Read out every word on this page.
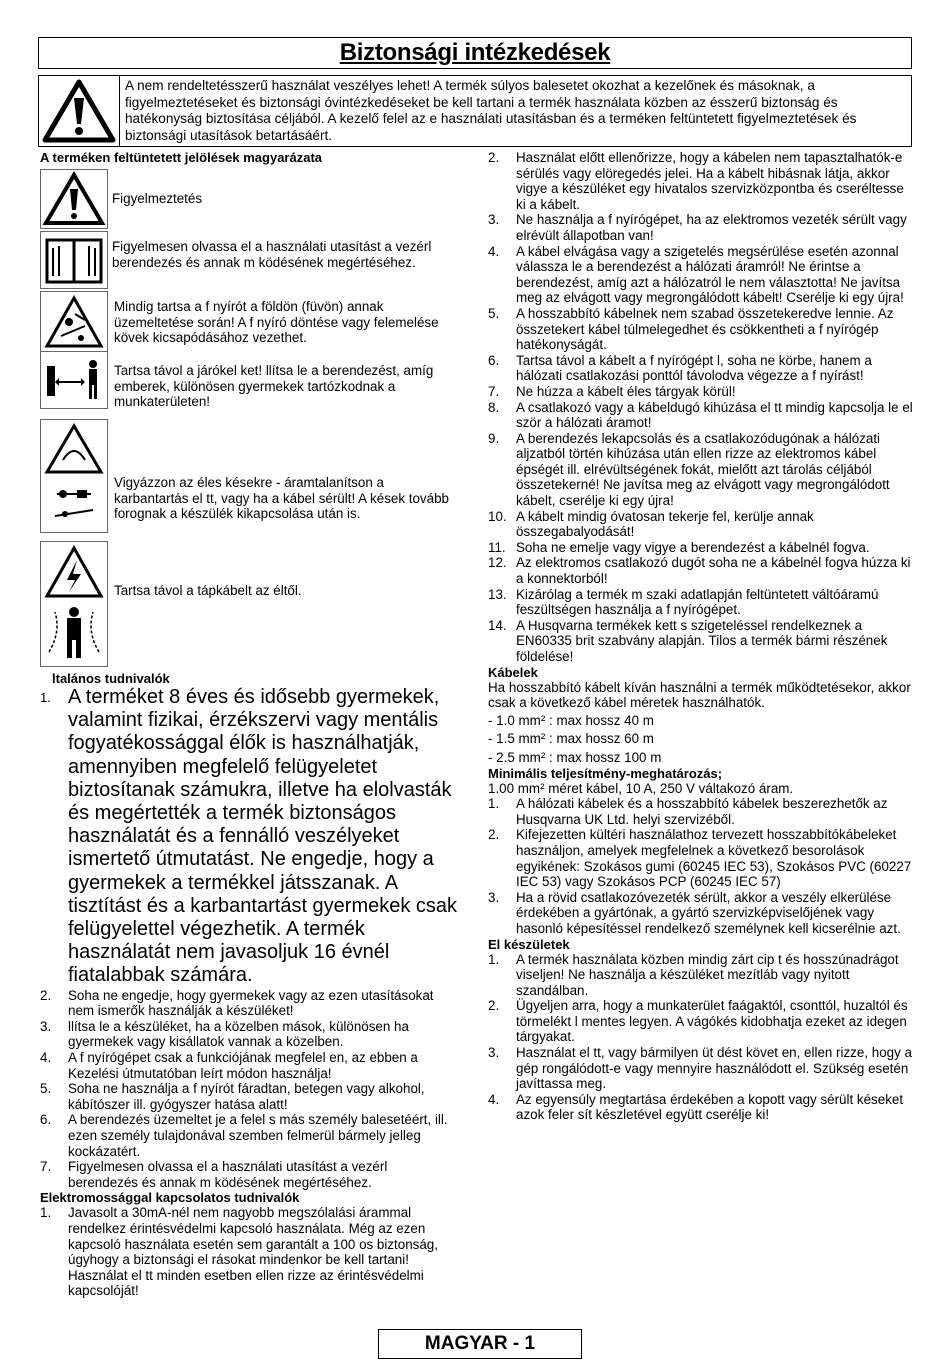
Biztonsági intézkedések
A nem rendeltetésszerű használat veszélyes lehet! A termék súlyos balesetet okozhat a kezelőnek és másoknak, a figyelmeztetéseket és biztonsági óvintézkedéseket be kell tartani a termék használata közben az ésszerű biztonság és hatékonyság biztosítása céljából. A kezelő felel az e használati utasításban és a terméken feltüntetett figyelmeztetések és biztonsági utasítások betartásáért.
A terméken feltüntetett jelölések magyarázata
Figyelmeztetés
Figyelmesen olvassa el a használati utasítást a vezérl berendezés és annak m ködésének megértéséhez.
Mindig tartsa a f nyírót a földön (füvön) annak üzemeltetése során! A f nyíró döntése vagy felemelése kövek kicsapódásához vezethet.
Tartsa távol a járókel ket! llítsa le a berendezést, amíg emberek, különösen gyermekek tartózkodnak a munkaterületen!
Vigyázzon az éles késekre - áramtalanítson a karbantartás el tt, vagy ha a kábel sérült! A kések tovább forognak a készülék kikapcsolása után is.
Tartsa távol a tápkábelt az éltől.
ltalános tudnivalók
1. A terméket 8 éves és idősebb gyermekek, valamint fizikai, érzékszervi vagy mentális fogyatékossággal élők is használhatják, amennyiben megfelelő felügyeletet biztosítanak számukra, illetve ha elolvasták és megértették a termék biztonságos használatát és a fennálló veszélyeket ismertető útmutatást. Ne engedje, hogy a gyermekek a termékkel játsszanak. A tisztítást és a karbantartást gyermekek csak felügyelettel végezhetik. A termék használatát nem javasoljuk 16 évnél fiatalabbak számára.
2. Soha ne engedje, hogy gyermekek vagy az ezen utasításokat nem ismerők használják a készüléket!
3. llítsa le a készüléket, ha a közelben mások, különösen ha gyermekek vagy kisállatok vannak a közelben.
4. A f nyírógépet csak a funkciójának megfelel en, az ebben a Kezelési útmutatóban leírt módon használja!
5. Soha ne használja a f nyírót fáradtan, betegen vagy alkohol, kábítószer ill. gyógyszer hatása alatt!
6. A berendezés üzemeltet je a felel s más személy balesetéért, ill. ezen személy tulajdonával szemben felmerül bármely jelleg kockázatért.
7. Figyelmesen olvassa el a használati utasítást a vezérl berendezés és annak m ködésének megértéséhez.
Elektromossággal kapcsolatos tudnivalók
1. Javasolt a 30mA-nél nem nagyobb megszólalási árammal rendelkez érintésvédelmi kapcsoló használata. Még az ezen kapcsoló használata esetén sem garantált a 100 os biztonság, úgyhogy a biztonsági el rásokat mindenkor be kell tartani! Használat el tt minden esetben ellen rizze az érintésvédelmi kapcsolóját!
2. Használat előtt ellenőrizze, hogy a kábelen nem tapasztalhatók-e sérülés vagy elöregedés jelei. Ha a kábelt hibásnak látja, akkor vigye a készüléket egy hivatalos szervizközpontba és cseréltesse ki a kábelt.
3. Ne használja a f nyírógépet, ha az elektromos vezeték sérült vagy elrévült állapotban van!
4. A kábel elvágása vagy a szigetelés megsérülése esetén azonnal válassza le a berendezést a hálózati áramról! Ne érintse a berendezést, amíg azt a hálózatról le nem választotta! Ne javítsa meg az elvágott vagy megrongálódott kábelt! Cserélje ki egy újra!
5. A hosszabbító kábelnek nem szabad összetekeredve lennie. Az összetekert kábel túlmelegedhet és csökkentheti a f nyírógép hatékonyságát.
6. Tartsa távol a kábelt a f nyírógépt l, soha ne körbe, hanem a hálózati csatlakozási ponttól távolodva végezze a f nyírást!
7. Ne húzza a kábelt éles tárgyak körül!
8. A csatlakozó vagy a kábeldugó kihúzása el tt mindig kapcsolja le el ször a hálózati áramot!
9. A berendezés lekapcsolás és a csatlakozódugónak a hálózati aljzatból történ kihúzása után ellen rizze az elektromos kábel épségét ill. elrévültségének fokát, mielőtt azt tárolás céljából összetekerné! Ne javítsa meg az elvágott vagy megrongálódott kábelt, cserélje ki egy újra!
10. A kábelt mindig óvatosan tekerje fel, kerülje annak összegabalyodását!
11. Soha ne emelje vagy vigye a berendezést a kábelnél fogva.
12. Az elektromos csatlakozó dugót soha ne a kábelnél fogva húzza ki a konnektorból!
13. Kizárólag a termék m szaki adatlapján feltüntetett váltóáramú feszültségen használja a f nyírógépet.
14. A Husqvarna termékek kett s szigeteléssel rendelkeznek a EN60335 brit szabvány alapján. Tilos a termék bármi részének földelése!
Kábelek

Ha hosszabbító kábelt kíván használni a termék működtetésekor, akkor csak a következő kábel méretek használhatók.

- 1.0 mm² : max hossz 40 m

- 1.5 mm² : max hossz 60 m

- 2.5 mm² : max hossz 100 m

Minimális teljesítmény-meghatározás;

1.00 mm² méret kábel, 10 A, 250 V váltakozó áram.

1. A hálózati kábelek és a hosszabbító kábelek beszerezhetők az Husqvarna UK Ltd. helyi szervizéből.
2. Kifejezetten kültéri használathoz tervezett hosszabbítókábeleket használjon, amelyek megfelelnek a következő besorolások egyikének: Szokásos gumi (60245 IEC 53), Szokásos PVC (60227 IEC 53) vagy Szokásos PCP (60245 IEC 57)
3. Ha a rövid csatlakozóvezeték sérült, akkor a veszély elkerülése érdekében a gyártónak, a gyártó szervizképviselőjének vagy hasonló képesítéssel rendelkező személynek kell kicserélnie azt.
El készületek
1. A termék használata közben mindig zárt cip t és hosszúnadrágot viseljen! Ne használja a készüléket mezítláb vagy nyitott szandálban.
2. Ügyeljen arra, hogy a munkaterület faágaktól, csonttól, huzaltól és törmelékt l mentes legyen. A vágókés kidobhatja ezeket az idegen tárgyakat.
3. Használat el tt, vagy bármilyen üt dést követ en, ellen rizze, hogy a gép rongálódott-e vagy mennyire használódott el. Szükség esetén javíttassa meg.
4. Az egyensúly megtartása érdekében a kopott vagy sérült késeket azok feler sít készletével együtt cserélje ki!
MAGYAR - 1
